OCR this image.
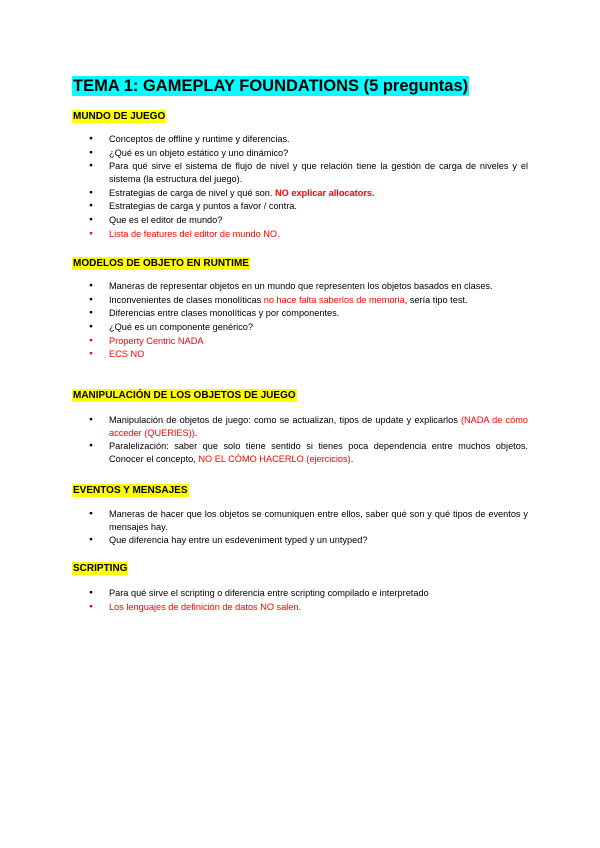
TEMA 1: GAMEPLAY FOUNDATIONS (5 preguntas)
MUNDO DE JUEGO
● Conceptos de offline y runtime y diferencias.
● ¿Qué es un objeto estático y uno dinámico?
● Para qué sirve el sistema de flujo de nivel y que relación tiene la gestión de carga de niveles y el sistema (la estructura del juego).
● Estrategias de carga de nivel y qué son. NO explicar allocators.
● Estrategias de carga y puntos a favor / contra.
● Que es el editor de mundo?
● Lista de features del editor de mundo NO.
MODELOS DE OBJETO EN RUNTIME
● Maneras de representar objetos en un mundo que representen los objetos basados en clases.
● Inconvenientes de clases monolíticas no hace falta saberlos de memoria, sería tipo test.
● Diferencias entre clases monolíticas y por componentes.
● ¿Qué es un componente genérico?
● Property Centric NADA
● ECS NO
MANIPULACIÓN DE LOS OBJETOS DE JUEGO
● Manipulación de objetos de juego: como se actualizan, tipos de update y explicarlos (NADA de cómo acceder (QUERIES)).
● Paralelización: saber que solo tiene sentido si tienes poca dependencia entre muchos objetos. Conocer el concepto, NO EL CÓMO HACERLO (ejercicios).
EVENTOS Y MENSAJES
● Maneras de hacer que los objetos se comuniquen entre ellos, saber qué son y qué tipos de eventos y mensajes hay.
● Que diferencia hay entre un esdeveniment typed y un untyped?
SCRIPTING
● Para qué sirve el scripting o diferencia entre scripting compilado e interpretado
● Los lenguajes de definición de datos NO salen.
